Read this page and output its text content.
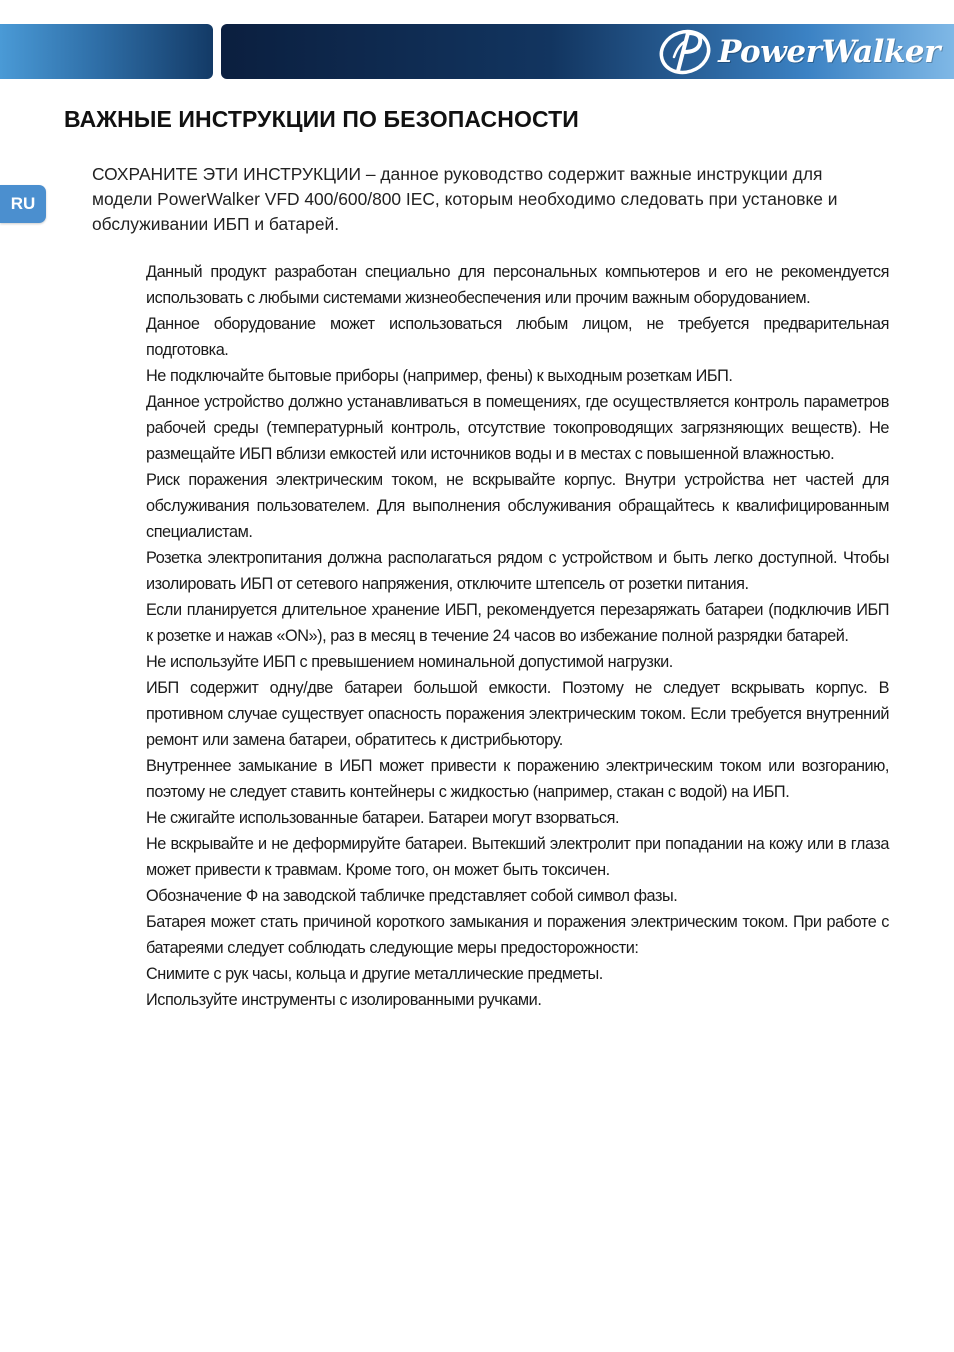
PowerWalker
RU
ВАЖНЫЕ ИНСТРУКЦИИ ПО БЕЗОПАСНОСТИ

СОХРАНИТЕ ЭТИ ИНСТРУКЦИИ – данное руководство содержит важные инструкции для модели PowerWalker VFD 400/600/800 IEC, которым необходимо следовать при установке и обслуживании ИБП и батарей.

Данный продукт разработан специально для персональных компьютеров и его не рекомендуется использовать с любыми системами жизнеобеспечения или прочим важным оборудованием.
Данное оборудование может использоваться любым лицом, не требуется предварительная подготовка.
Не подключайте бытовые приборы (например, фены) к выходным розеткам ИБП.
Данное устройство должно устанавливаться в помещениях, где осуществляется контроль параметров рабочей среды (температурный контроль, отсутствие токопроводящих загрязняющих веществ). Не размещайте ИБП вблизи емкостей или источников воды и в местах с повышенной влажностью.
Риск поражения электрическим током, не вскрывайте корпус. Внутри устройства нет частей для обслуживания пользователем. Для выполнения обслуживания обращайтесь к квалифицированным специалистам.
Розетка электропитания должна располагаться рядом с устройством и быть легко доступной. Чтобы изолировать ИБП от сетевого напряжения, отключите штепсель от розетки питания.
Если планируется длительное хранение ИБП, рекомендуется перезаряжать батареи (подключив ИБП к розетке и нажав «ON»), раз в месяц в течение 24 часов во избежание полной разрядки батарей.
Не используйте ИБП с превышением номинальной допустимой нагрузки.
ИБП содержит одну/две батареи большой емкости. Поэтому не следует вскрывать корпус. В противном случае существует опасность поражения электрическим током. Если требуется внутренний ремонт или замена батареи, обратитесь к дистрибьютору.
Внутреннее замыкание в ИБП может привести к поражению электрическим током или возгоранию, поэтому не следует ставить контейнеры с жидкостью (например, стакан с водой) на ИБП.
Не сжигайте использованные батареи. Батареи могут взорваться.
Не вскрывайте и не деформируйте батареи. Вытекший электролит при попадании на кожу или в глаза может привести к травмам. Кроме того, он может быть токсичен.
Обозначение Ф на заводской табличке представляет собой символ фазы.
Батарея может стать причиной короткого замыкания и поражения электрическим током. При работе с батареями следует соблюдать следующие меры предосторожности:
Снимите с рук часы, кольца и другие металлические предметы.
Используйте инструменты с изолированными ручками.
